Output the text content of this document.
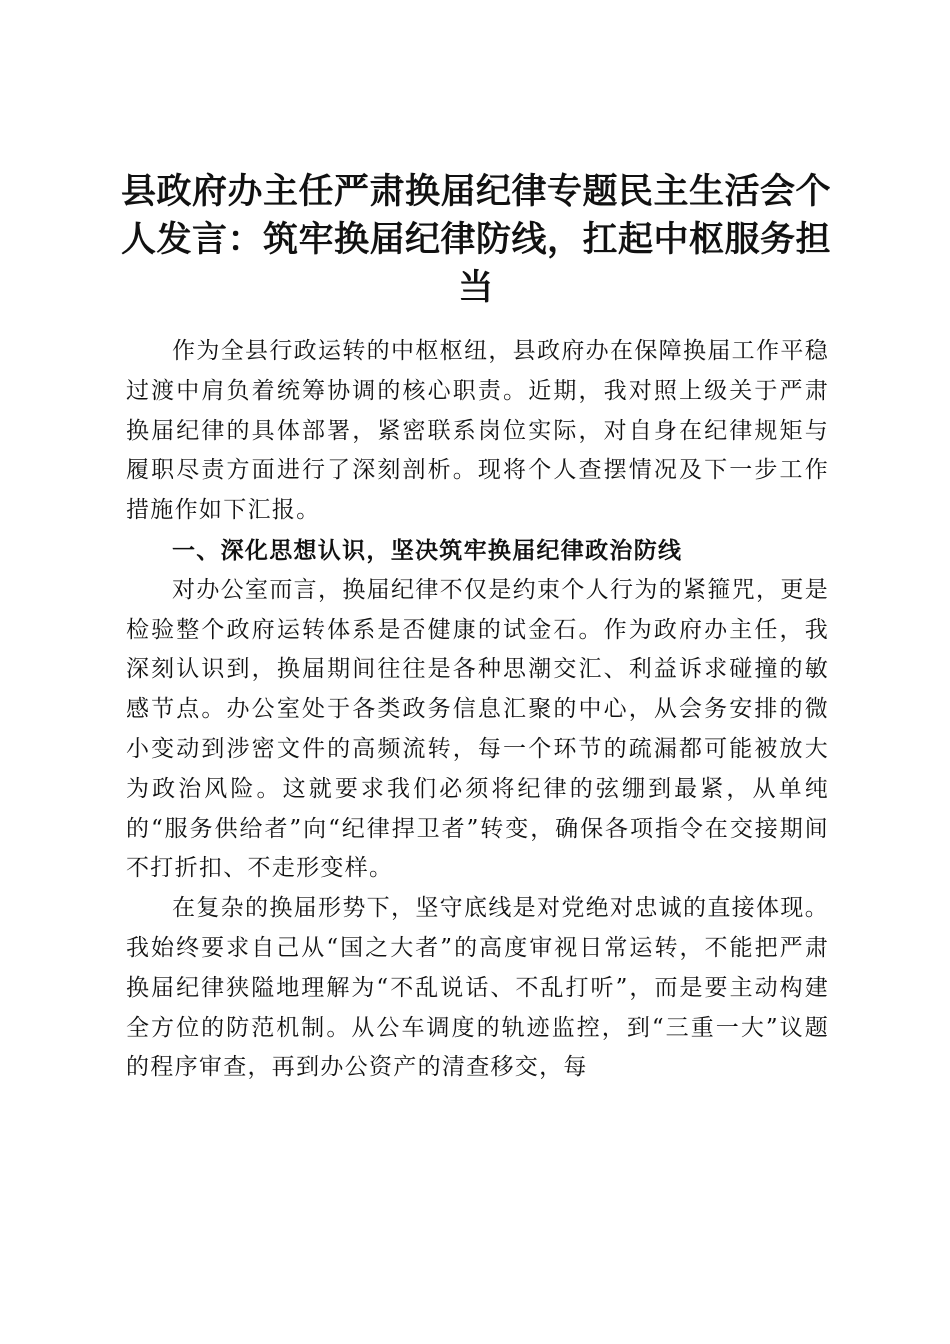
县政府办主任严肃换届纪律专题民主生活会个人发言：筑牢换届纪律防线，扛起中枢服务担当

作为全县行政运转的中枢枢纽，县政府办在保障换届工作平稳过渡中肩负着统筹协调的核心职责。近期，我对照上级关于严肃换届纪律的具体部署，紧密联系岗位实际，对自身在纪律规矩与履职尽责方面进行了深刻剖析。现将个人查摆情况及下一步工作措施作如下汇报。

一、深化思想认识，坚决筑牢换届纪律政治防线

对办公室而言，换届纪律不仅是约束个人行为的紧箍咒，更是检验整个政府运转体系是否健康的试金石。作为政府办主任，我深刻认识到，换届期间往往是各种思潮交汇、利益诉求碰撞的敏感节点。办公室处于各类政务信息汇聚的中心，从会务安排的微小变动到涉密文件的高频流转，每一个环节的疏漏都可能被放大为政治风险。这就要求我们必须将纪律的弦绷到最紧，从单纯的“服务供给者”向“纪律捍卫者”转变，确保各项指令在交接期间不打折扣、不走形变样。

在复杂的换届形势下，坚守底线是对党绝对忠诚的直接体现。我始终要求自己从“国之大者”的高度审视日常运转，不能把严肃换届纪律狭隘地理解为“不乱说话、不乱打听”，而是要主动构建全方位的防范机制。从公车调度的轨迹监控，到“三重一大”议题的程序审查，再到办公资产的清查移交，每
